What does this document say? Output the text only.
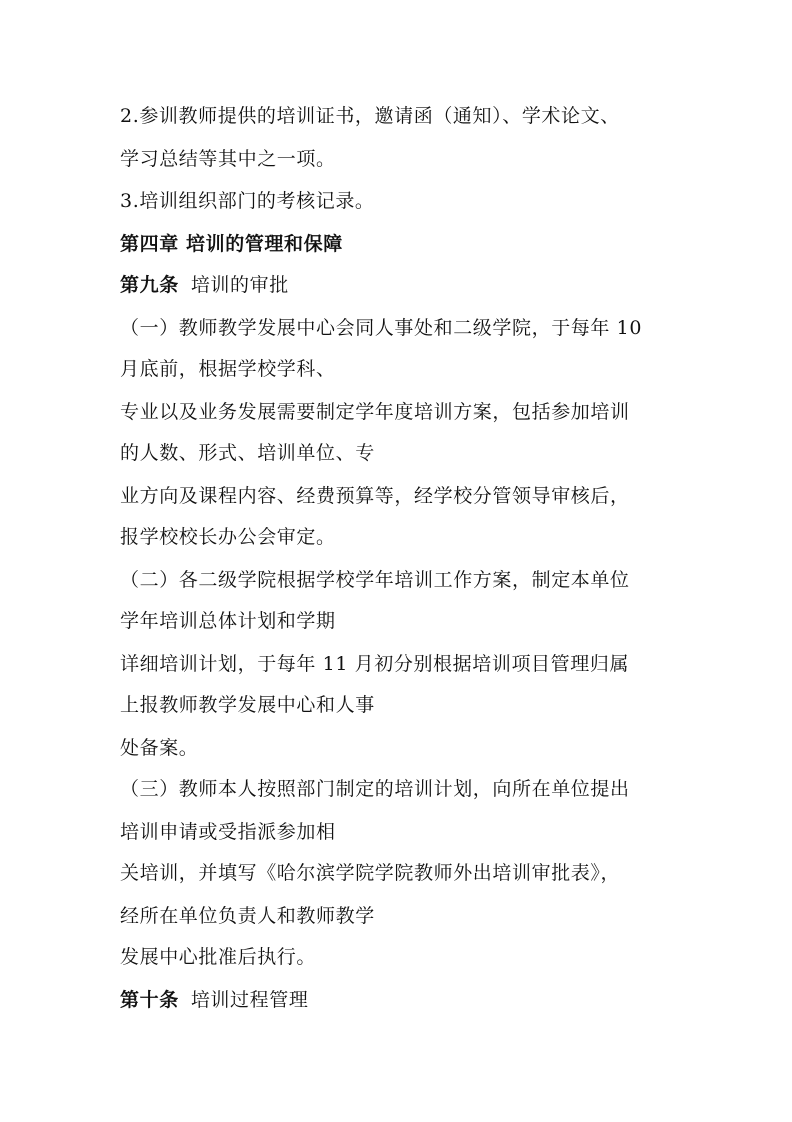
2.参训教师提供的培训证书，邀请函（通知）、学术论文、
学习总结等其中之一项。
3.培训组织部门的考核记录。
第四章 培训的管理和保障
第九条 培训的审批
（一）教师教学发展中心会同人事处和二级学院，于每年 10
月底前，根据学校学科、
专业以及业务发展需要制定学年度培训方案，包括参加培训
的人数、形式、培训单位、专
业方向及课程内容、经费预算等，经学校分管领导审核后，
报学校校长办公会审定。
（二）各二级学院根据学校学年培训工作方案，制定本单位
学年培训总体计划和学期
详细培训计划，于每年 11 月初分别根据培训项目管理归属
上报教师教学发展中心和人事
处备案。
（三）教师本人按照部门制定的培训计划，向所在单位提出
培训申请或受指派参加相
关培训，并填写《哈尔滨学院学院教师外出培训审批表》，
经所在单位负责人和教师教学
发展中心批准后执行。
第十条 培训过程管理
